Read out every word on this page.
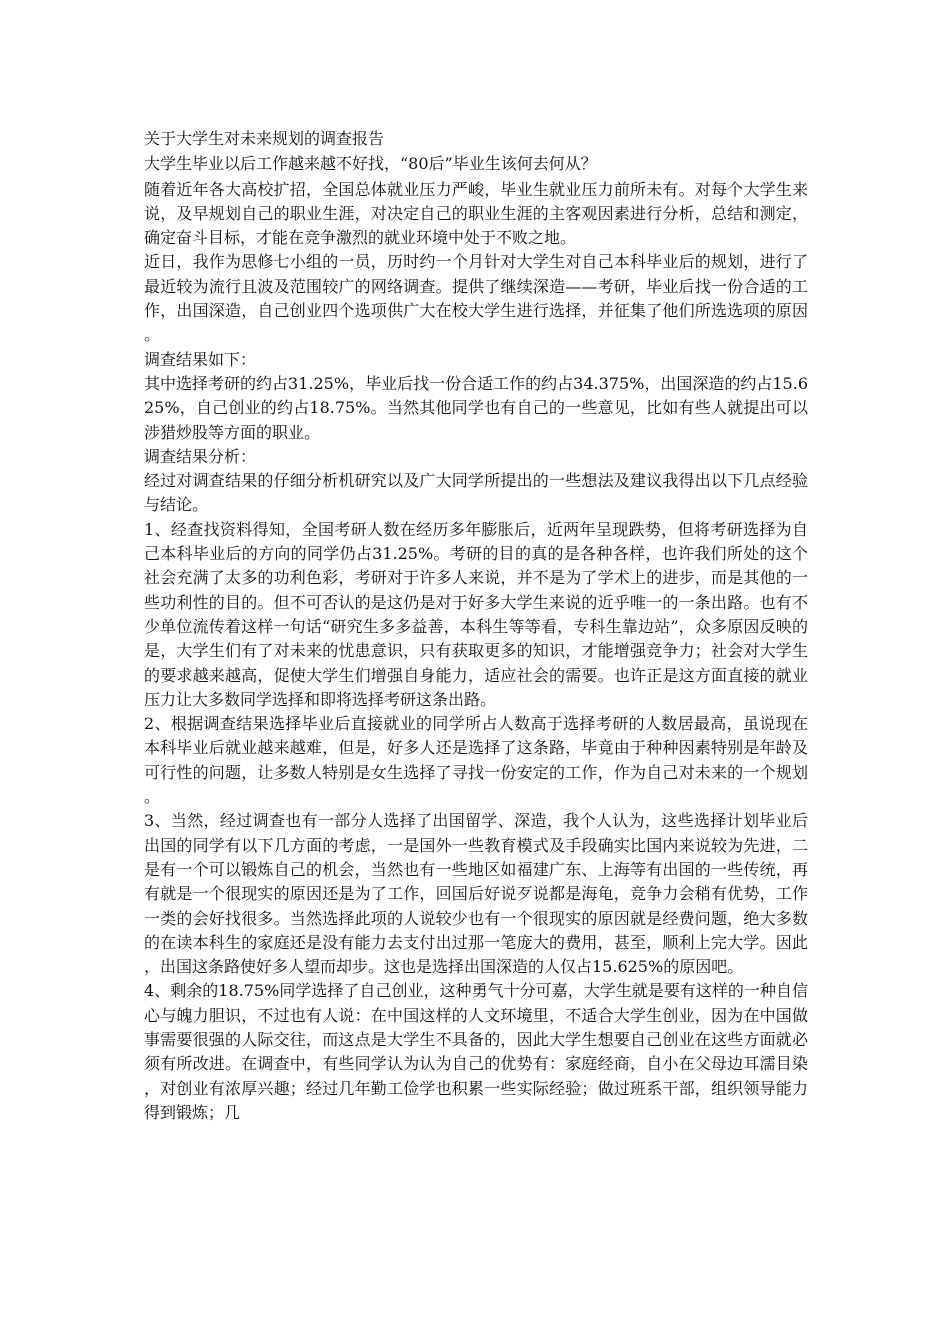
关于大学生对未来规划的调查报告

大学生毕业以后工作越来越不好找，“80后”毕业生该何去何从？

随着近年各大高校扩招，全国总体就业压力严峻，毕业生就业压力前所未有。对每个大学生来说，及早规划自己的职业生涯，对决定自己的职业生涯的主客观因素进行分析，总结和测定，确定奋斗目标，才能在竞争激烈的就业环境中处于不败之地。

近日，我作为思修七小组的一员，历时约一个月针对大学生对自己本科毕业后的规划，进行了最近较为流行且波及范围较广的网络调查。提供了继续深造——考研，毕业后找一份合适的工作，出国深造，自己创业四个选项供广大在校大学生进行选择，并征集了他们所选选项的原因。

调查结果如下：

其中选择考研的约占31.25%，毕业后找一份合适工作的约占34.375%，出国深造的约占15.625%，自己创业的约占18.75%。当然其他同学也有自己的一些意见，比如有些人就提出可以涉猎炒股等方面的职业。

调查结果分析：

经过对调查结果的仔细分析机研究以及广大同学所提出的一些想法及建议我得出以下几点经验与结论。

1、经查找资料得知，全国考研人数在经历多年膨胀后，近两年呈现跌势，但将考研选择为自己本科毕业后的方向的同学仍占31.25%。考研的目的真的是各种各样，也许我们所处的这个社会充满了太多的功利色彩，考研对于许多人来说，并不是为了学术上的进步，而是其他的一些功利性的目的。但不可否认的是这仍是对于好多大学生来说的近乎唯一的一条出路。也有不少单位流传着这样一句话“研究生多多益善，本科生等等看，专科生靠边站”，众多原因反映的是，大学生们有了对未来的忧患意识，只有获取更多的知识，才能增强竞争力；社会对大学生的要求越来越高，促使大学生们增强自身能力，适应社会的需要。也许正是这方面直接的就业压力让大多数同学选择和即将选择考研这条出路。

2、根据调查结果选择毕业后直接就业的同学所占人数高于选择考研的人数居最高，虽说现在本科毕业后就业越来越难，但是，好多人还是选择了这条路，毕竟由于种种因素特别是年龄及可行性的问题，让多数人特别是女生选择了寻找一份安定的工作，作为自己对未来的一个规划。

3、当然，经过调查也有一部分人选择了出国留学、深造，我个人认为，这些选择计划毕业后出国的同学有以下几方面的考虑，一是国外一些教育模式及手段确实比国内来说较为先进，二是有一个可以锻炼自己的机会，当然也有一些地区如福建广东、上海等有出国的一些传统，再有就是一个很现实的原因还是为了工作，回国后好说歹说都是海龟，竞争力会稍有优势，工作一类的会好找很多。当然选择此项的人说较少也有一个很现实的原因就是经费问题，绝大多数的在读本科生的家庭还是没有能力去支付出过那一笔庞大的费用，甚至，顺利上完大学。因此，出国这条路使好多人望而却步。这也是选择出国深造的人仅占15.625%的原因吧。

4、剩余的18.75%同学选择了自己创业，这种勇气十分可嘉，大学生就是要有这样的一种自信心与魄力胆识，不过也有人说：在中国这样的人文环境里，不适合大学生创业，因为在中国做事需要很强的人际交往，而这点是大学生不具备的，因此大学生想要自己创业在这些方面就必须有所改进。在调查中，有些同学认为认为自己的优势有：家庭经商，自小在父母边耳濡目染，对创业有浓厚兴趣；经过几年勤工俭学也积累一些实际经验；做过班系干部，组织领导能力得到锻炼；几
